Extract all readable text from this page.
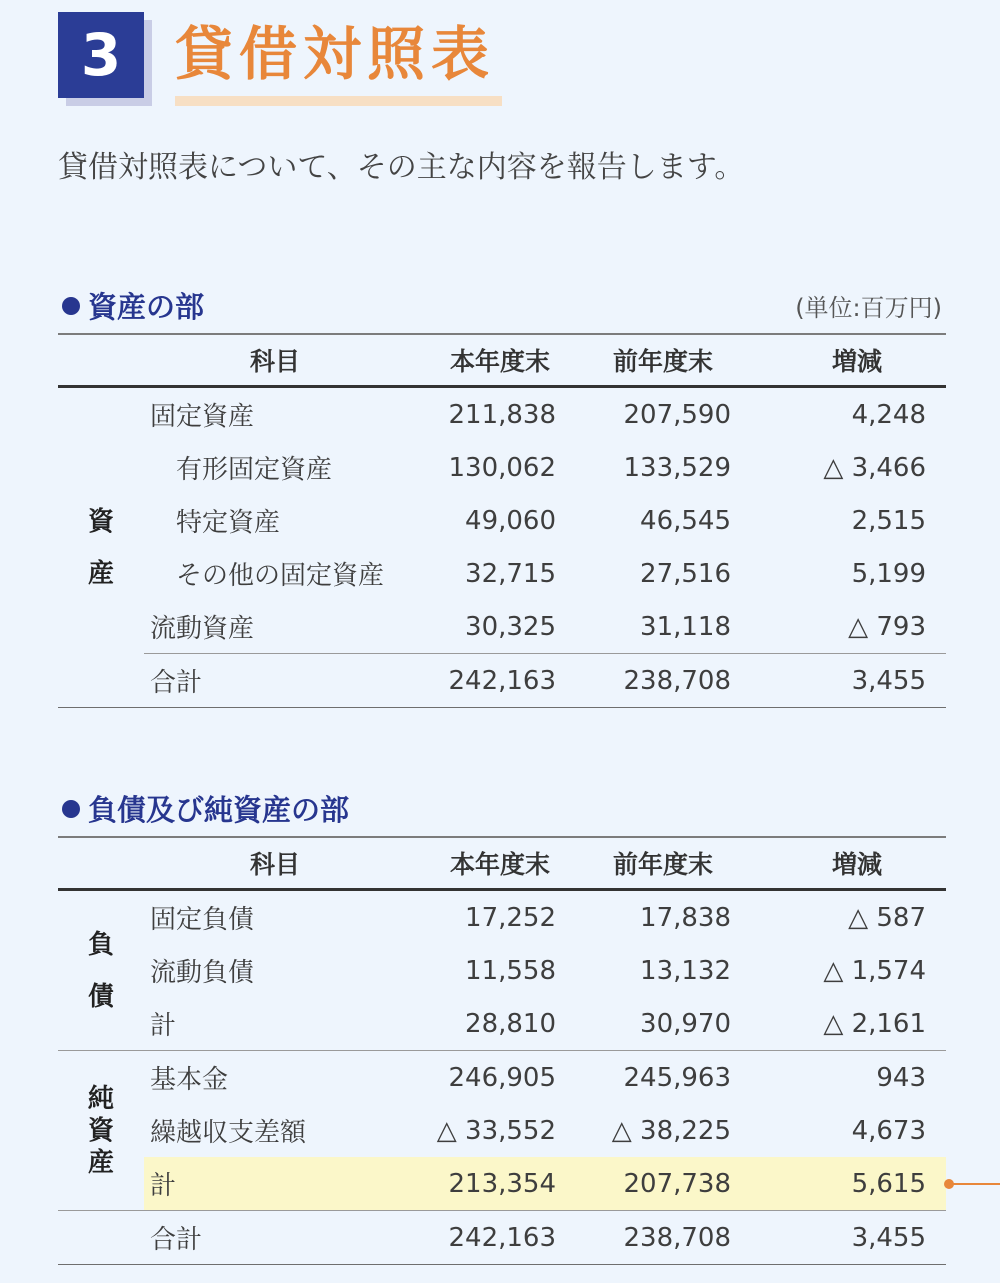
3 貸借対照表
貸借対照表について、その主な内容を報告します。
資産の部	(単位:百万円)
科目		本年度末	前年度末	増減

資
産	固定資産	211,838	207,590	4,248
	有形固定資産	130,062	133,529	△ 3,466
	特定資産	49,060	46,545	2,515
	その他の固定資産	32,715	27,516	5,199
	流動資産	30,325	31,118	△ 793
	合計	242,163	238,708	3,455
負債及び純資産の部
科目		本年度末	前年度末	増減

負
債	固定負債	17,252	17,838	△ 587
	流動負債	11,558	13,132	△ 1,574
	計	28,810	30,970	△ 2,161

純
資
産	基本金	246,905	245,963	943
	繰越収支差額	△ 33,552	△ 38,225	4,673
	計	213,354	207,738	5,615
	合計	242,163	238,708	3,455
